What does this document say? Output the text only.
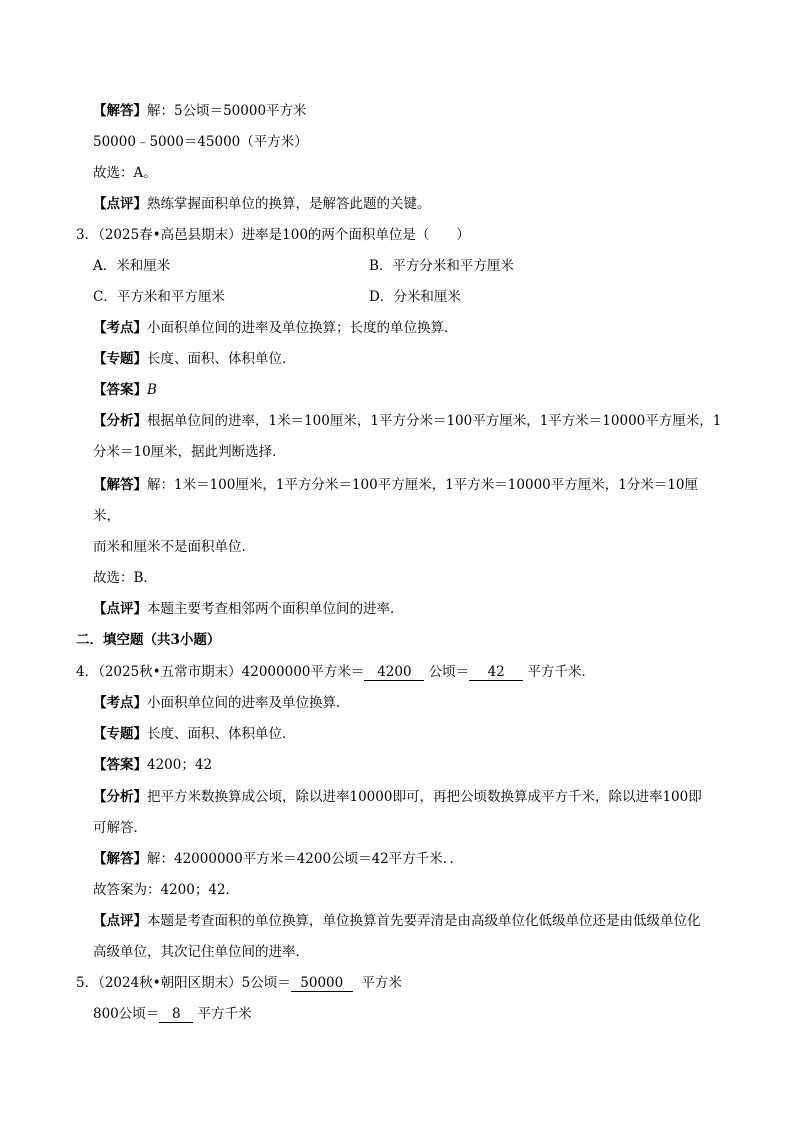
【解答】解：5公顷＝50000平方米
50000﹣5000＝45000（平方米）
故选：A。
【点评】熟练掌握面积单位的换算，是解答此题的关键。
3．（2025春•高邑县期末）进率是100的两个面积单位是（　　）
A．米和厘米	B．平方分米和平方厘米
C．平方米和平方厘米	D．分米和厘米
【考点】小面积单位间的进率及单位换算；长度的单位换算．
【专题】长度、面积、体积单位．
【答案】B
【分析】根据单位间的进率，1米＝100厘米，1平方分米＝100平方厘米，1平方米＝10000平方厘米，1
分米＝10厘米，据此判断选择．
【解答】解：1米＝100厘米，1平方分米＝100平方厘米，1平方米＝10000平方厘米，1分米＝10厘
米，
而米和厘米不是面积单位．
故选：B．
【点评】本题主要考查相邻两个面积单位间的进率．
二．填空题（共3小题）
4．（2025秋•五常市期末）42000000平方米＝ 4200 公顷＝ 42 平方千米．
【考点】小面积单位间的进率及单位换算．
【专题】长度、面积、体积单位．
【答案】4200；42
【分析】把平方米数换算成公顷，除以进率10000即可，再把公顷数换算成平方千米，除以进率100即
可解答．
【解答】解：42000000平方米＝4200公顷＝42平方千米．．
故答案为：4200；42．
【点评】本题是考查面积的单位换算，单位换算首先要弄清是由高级单位化低级单位还是由低级单位化
高级单位，其次记住单位间的进率．
5．（2024秋•朝阳区期末）5公顷＝ 50000 平方米
800公顷＝ 8 平方千米
